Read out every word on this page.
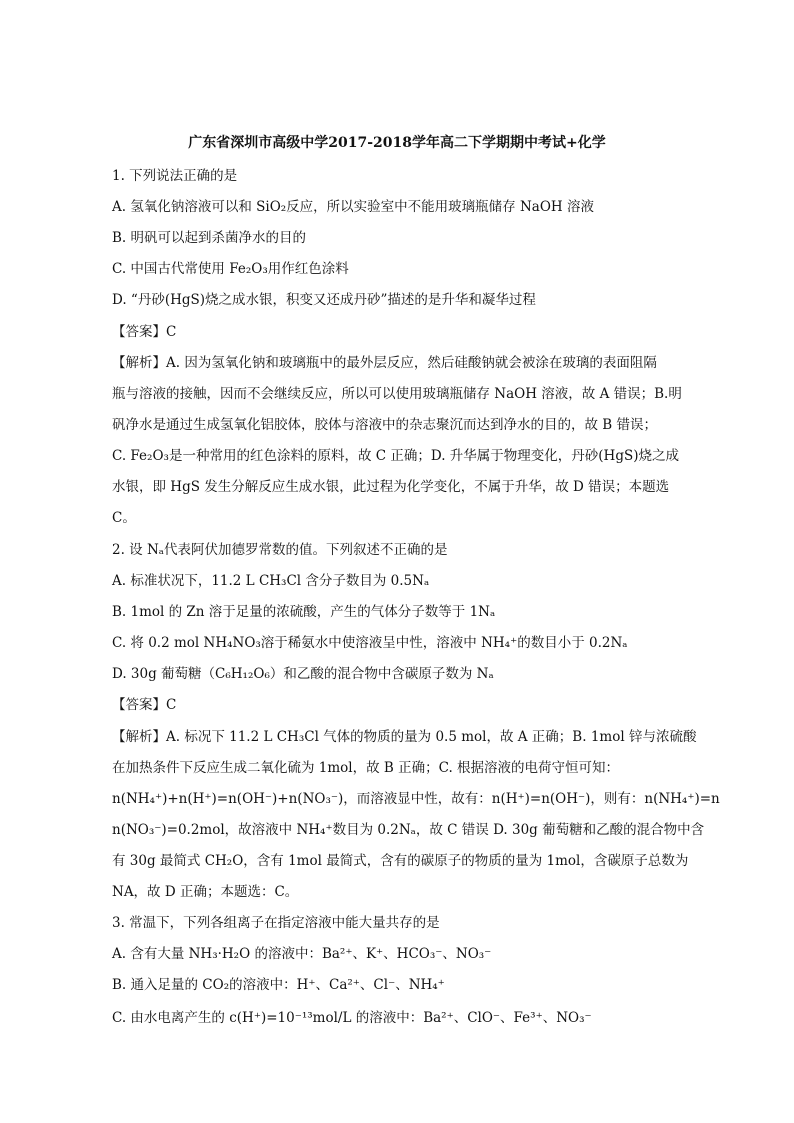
广东省深圳市高级中学2017-2018学年高二下学期期中考试+化学
1. 下列说法正确的是
A. 氢氧化钠溶液可以和 SiO₂反应，所以实验室中不能用玻璃瓶储存 NaOH 溶液
B. 明矾可以起到杀菌净水的目的
C. 中国古代常使用 Fe₂O₃用作红色涂料
D. “丹砂(HgS)烧之成水银，积变又还成丹砂”描述的是升华和凝华过程
【答案】C
【解析】A. 因为氢氧化钠和玻璃瓶中的最外层反应，然后硅酸钠就会被涂在玻璃的表面阻隔
瓶与溶液的接触，因而不会继续反应，所以可以使用玻璃瓶储存 NaOH 溶液，故 A 错误；B.明
矾净水是通过生成氢氧化铝胶体，胶体与溶液中的杂志聚沉而达到净水的目的，故 B 错误；
C. Fe₂O₃是一种常用的红色涂料的原料，故 C 正确；D. 升华属于物理变化，丹砂(HgS)烧之成
水银，即 HgS 发生分解反应生成水银，此过程为化学变化，不属于升华，故 D 错误；本题选
C。
2. 设 Nₐ代表阿伏加德罗常数的值。下列叙述不正确的是
A. 标准状况下，11.2 L CH₃Cl 含分子数目为 0.5Nₐ
B. 1mol 的 Zn 溶于足量的浓硫酸，产生的气体分子数等于 1Nₐ
C. 将 0.2 mol NH₄NO₃溶于稀氨水中使溶液呈中性，溶液中 NH₄⁺的数目小于 0.2Nₐ
D. 30g 葡萄糖（C₆H₁₂O₆）和乙酸的混合物中含碳原子数为 Nₐ
【答案】C
【解析】A. 标况下 11.2 L CH₃Cl 气体的物质的量为 0.5 mol，故 A 正确；B. 1mol 锌与浓硫酸
在加热条件下反应生成二氧化硫为 1mol，故 B 正确；C. 根据溶液的电荷守恒可知：
n(NH₄⁺)+n(H⁺)=n(OH⁻)+n(NO₃⁻)，而溶液显中性，故有：n(H⁺)=n(OH⁻)，则有：n(NH₄⁺)=n
n(NO₃⁻)=0.2mol，故溶液中 NH₄⁺数目为 0.2Nₐ，故 C 错误 D. 30g 葡萄糖和乙酸的混合物中含
有 30g 最简式 CH₂O，含有 1mol 最简式，含有的碳原子的物质的量为 1mol，含碳原子总数为
NA，故 D 正确；本题选：C。
3. 常温下，下列各组离子在指定溶液中能大量共存的是
A. 含有大量 NH₃·H₂O 的溶液中：Ba²⁺、K⁺、HCO₃⁻、NO₃⁻
B. 通入足量的 CO₂的溶液中：H⁺、Ca²⁺、Cl⁻、NH₄⁺
C. 由水电离产生的 c(H⁺)=10⁻¹³mol/L 的溶液中：Ba²⁺、ClO⁻、Fe³⁺、NO₃⁻
